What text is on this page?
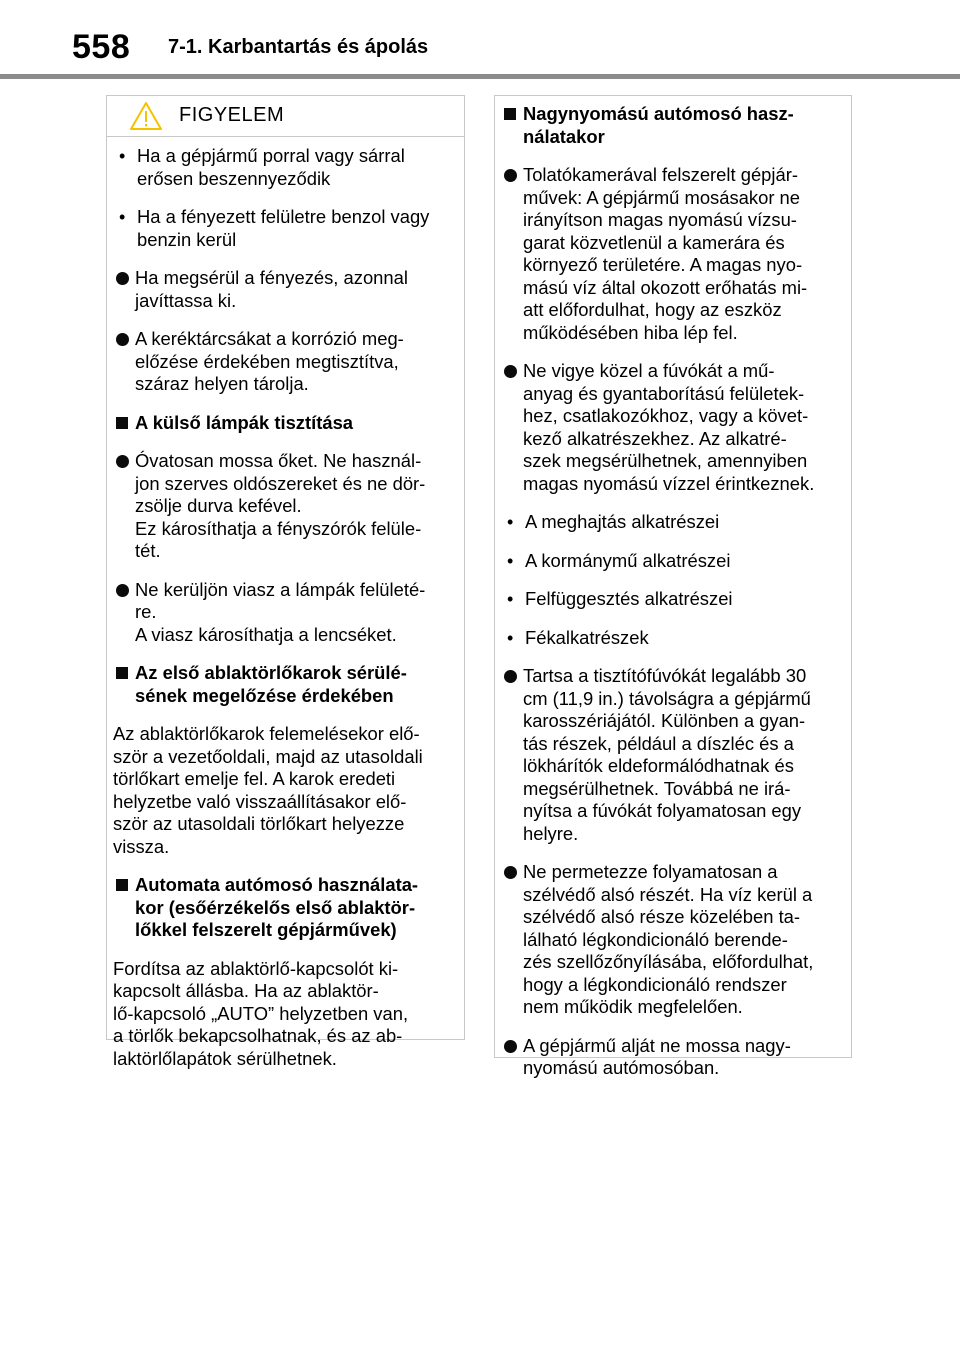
558 7-1. Karbantartás és ápolás
FIGYELEM
Ha a gépjármű porral vagy sárral
erősen beszennyeződik
Ha a fényezett felületre benzol vagy
benzin kerül
Ha megsérül a fényezés, azonnal
javíttassa ki.
A keréktárcsákat a korrózió meg-
előzése érdekében megtisztítva,
száraz helyen tárolja.
A külső lámpák tisztítása
Óvatosan mossa őket. Ne használ-
jon szerves oldószereket és ne dör-
zsölje durva kefével.
Ez károsíthatja a fényszórók felüle-
tét.
Ne kerüljön viasz a lámpák felületé-
re.
A viasz károsíthatja a lencséket.
Az első ablaktörlőkarok sérülé-
sének megelőzése érdekében
Az ablaktörlőkarok felemelésekor elő-
ször a vezetőoldali, majd az utasoldali
törlőkart emelje fel. A karok eredeti
helyzetbe való visszaállításakor elő-
ször az utasoldali törlőkart helyezze
vissza.
Automata autómosó használata-
kor (esőérzékelős első ablaktör-
lőkkel felszerelt gépjárművek)
Fordítsa az ablaktörlő-kapcsolót ki-
kapcsolt állásba. Ha az ablaktör-
lő-kapcsoló „AUTO” helyzetben van,
a törlők bekapcsolhatnak, és az ab-
laktörlőlapátok sérülhetnek.
Nagynyomású autómosó hasz-
nálatakor
Tolatókamerával felszerelt gépjár-
művek: A gépjármű mosásakor ne
irányítson magas nyomású vízsu-
garat közvetlenül a kamerára és
környező területére. A magas nyo-
mású víz által okozott erőhatás mi-
att előfordulhat, hogy az eszköz
működésében hiba lép fel.
Ne vigye közel a fúvókát a mű-
anyag és gyantaborítású felületek-
hez, csatlakozókhoz, vagy a követ-
kező alkatrészekhez. Az alkatré-
szek megsérülhetnek, amennyiben
magas nyomású vízzel érintkeznek.
A meghajtás alkatrészei
A kormánymű alkatrészei
Felfüggesztés alkatrészei
Fékalkatrészek
Tartsa a tisztítófúvókát legalább 30
cm (11,9 in.) távolságra a gépjármű
karosszériájától. Különben a gyan-
tás részek, például a díszléc és a
lökhárítók eldeformálódhatnak és
megsérülhetnek. Továbbá ne irá-
nyítsa a fúvókát folyamatosan egy
helyre.
Ne permetezze folyamatosan a
szélvédő alsó részét. Ha víz kerül a
szélvédő alsó része közelében ta-
lálható légkondicionáló berende-
zés szellőzőnyílásába, előfordulhat,
hogy a légkondicionáló rendszer
nem működik megfelelően.
A gépjármű alját ne mossa nagy-
nyomású autómosóban.
